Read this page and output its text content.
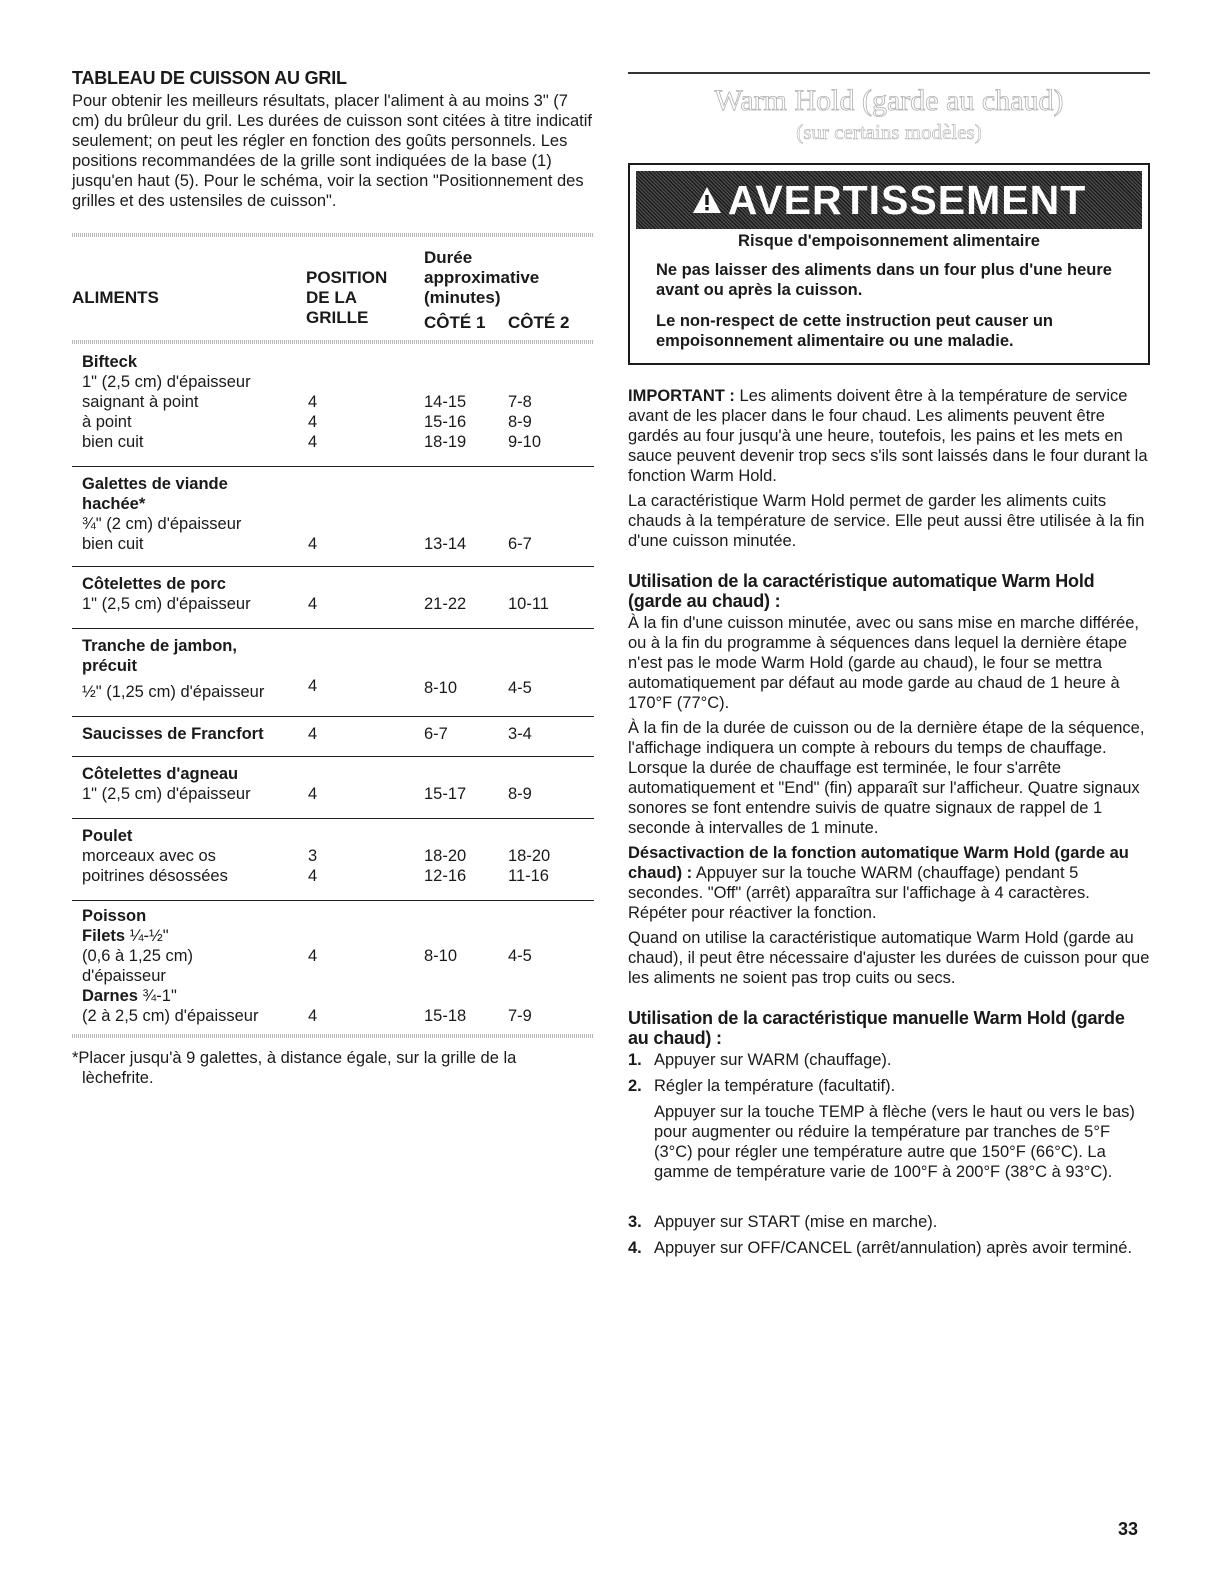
TABLEAU DE CUISSON AU GRIL
Pour obtenir les meilleurs résultats, placer l'aliment à au moins 3" (7 cm) du brûleur du gril. Les durées de cuisson sont citées à titre indicatif seulement; on peut les régler en fonction des goûts personnels. Les positions recommandées de la grille sont indiquées de la base (1) jusqu'en haut (5). Pour le schéma, voir la section "Positionnement des grilles et des ustensiles de cuisson".
ALIMENTS
POSITION
DE LA
GRILLE
Durée
approximative
(minutes)
CÔTÉ 1 CÔTÉ 2
Bifteck
1" (2,5 cm) d'épaisseur
saignant à point	4	14-15	7-8
à point	4	15-16	8-9
bien cuit	4	18-19	9-10
Galettes de viande
hachée*
¾" (2 cm) d'épaisseur
bien cuit	4	13-14	6-7
Côtelettes de porc
1" (2,5 cm) d'épaisseur	4	21-22	10-11
Tranche de jambon,
précuit
½" (1,25 cm) d'épaisseur	4	8-10	4-5
Saucisses de Francfort	4	6-7	3-4
Côtelettes d'agneau
1" (2,5 cm) d'épaisseur	4	15-17	8-9
Poulet
morceaux avec os	3	18-20	18-20
poitrines désossées	4	12-16	11-16
Poisson
Filets ¼-½"
(0,6 à 1,25 cm)	4	8-10	4-5
d'épaisseur
Darnes ¾-1"
(2 à 2,5 cm) d'épaisseur	4	15-18	7-9
*Placer jusqu'à 9 galettes, à distance égale, sur la grille de la
lèchefrite.
Warm Hold (garde au chaud)
(sur certains modèles)
AVERTISSEMENT
Risque d'empoisonnement alimentaire
Ne pas laisser des aliments dans un four plus d'une heure avant ou après la cuisson.
Le non-respect de cette instruction peut causer un empoisonnement alimentaire ou une maladie.
IMPORTANT : Les aliments doivent être à la température de service avant de les placer dans le four chaud. Les aliments peuvent être gardés au four jusqu'à une heure, toutefois, les pains et les mets en sauce peuvent devenir trop secs s'ils sont laissés dans le four durant la fonction Warm Hold.
La caractéristique Warm Hold permet de garder les aliments cuits chauds à la température de service. Elle peut aussi être utilisée à la fin d'une cuisson minutée.
Utilisation de la caractéristique automatique Warm Hold (garde au chaud) :
À la fin d'une cuisson minutée, avec ou sans mise en marche différée, ou à la fin du programme à séquences dans lequel la dernière étape n'est pas le mode Warm Hold (garde au chaud), le four se mettra automatiquement par défaut au mode garde au chaud de 1 heure à 170°F (77°C).
À la fin de la durée de cuisson ou de la dernière étape de la séquence, l'affichage indiquera un compte à rebours du temps de chauffage. Lorsque la durée de chauffage est terminée, le four s'arrête automatiquement et "End" (fin) apparaît sur l'afficheur. Quatre signaux sonores se font entendre suivis de quatre signaux de rappel de 1 seconde à intervalles de 1 minute.
Désactivaction de la fonction automatique Warm Hold (garde au chaud) : Appuyer sur la touche WARM (chauffage) pendant 5 secondes. "Off" (arrêt) apparaîtra sur l'affichage à 4 caractères. Répéter pour réactiver la fonction.
Quand on utilise la caractéristique automatique Warm Hold (garde au chaud), il peut être nécessaire d'ajuster les durées de cuisson pour que les aliments ne soient pas trop cuits ou secs.
Utilisation de la caractéristique manuelle Warm Hold (garde au chaud) :
1. Appuyer sur WARM (chauffage).
2. Régler la température (facultatif).
Appuyer sur la touche TEMP à flèche (vers le haut ou vers le bas) pour augmenter ou réduire la température par tranches de 5°F (3°C) pour régler une température autre que 150°F (66°C). La gamme de température varie de 100°F à 200°F (38°C à 93°C).
3. Appuyer sur START (mise en marche).
4. Appuyer sur OFF/CANCEL (arrêt/annulation) après avoir terminé.
33
